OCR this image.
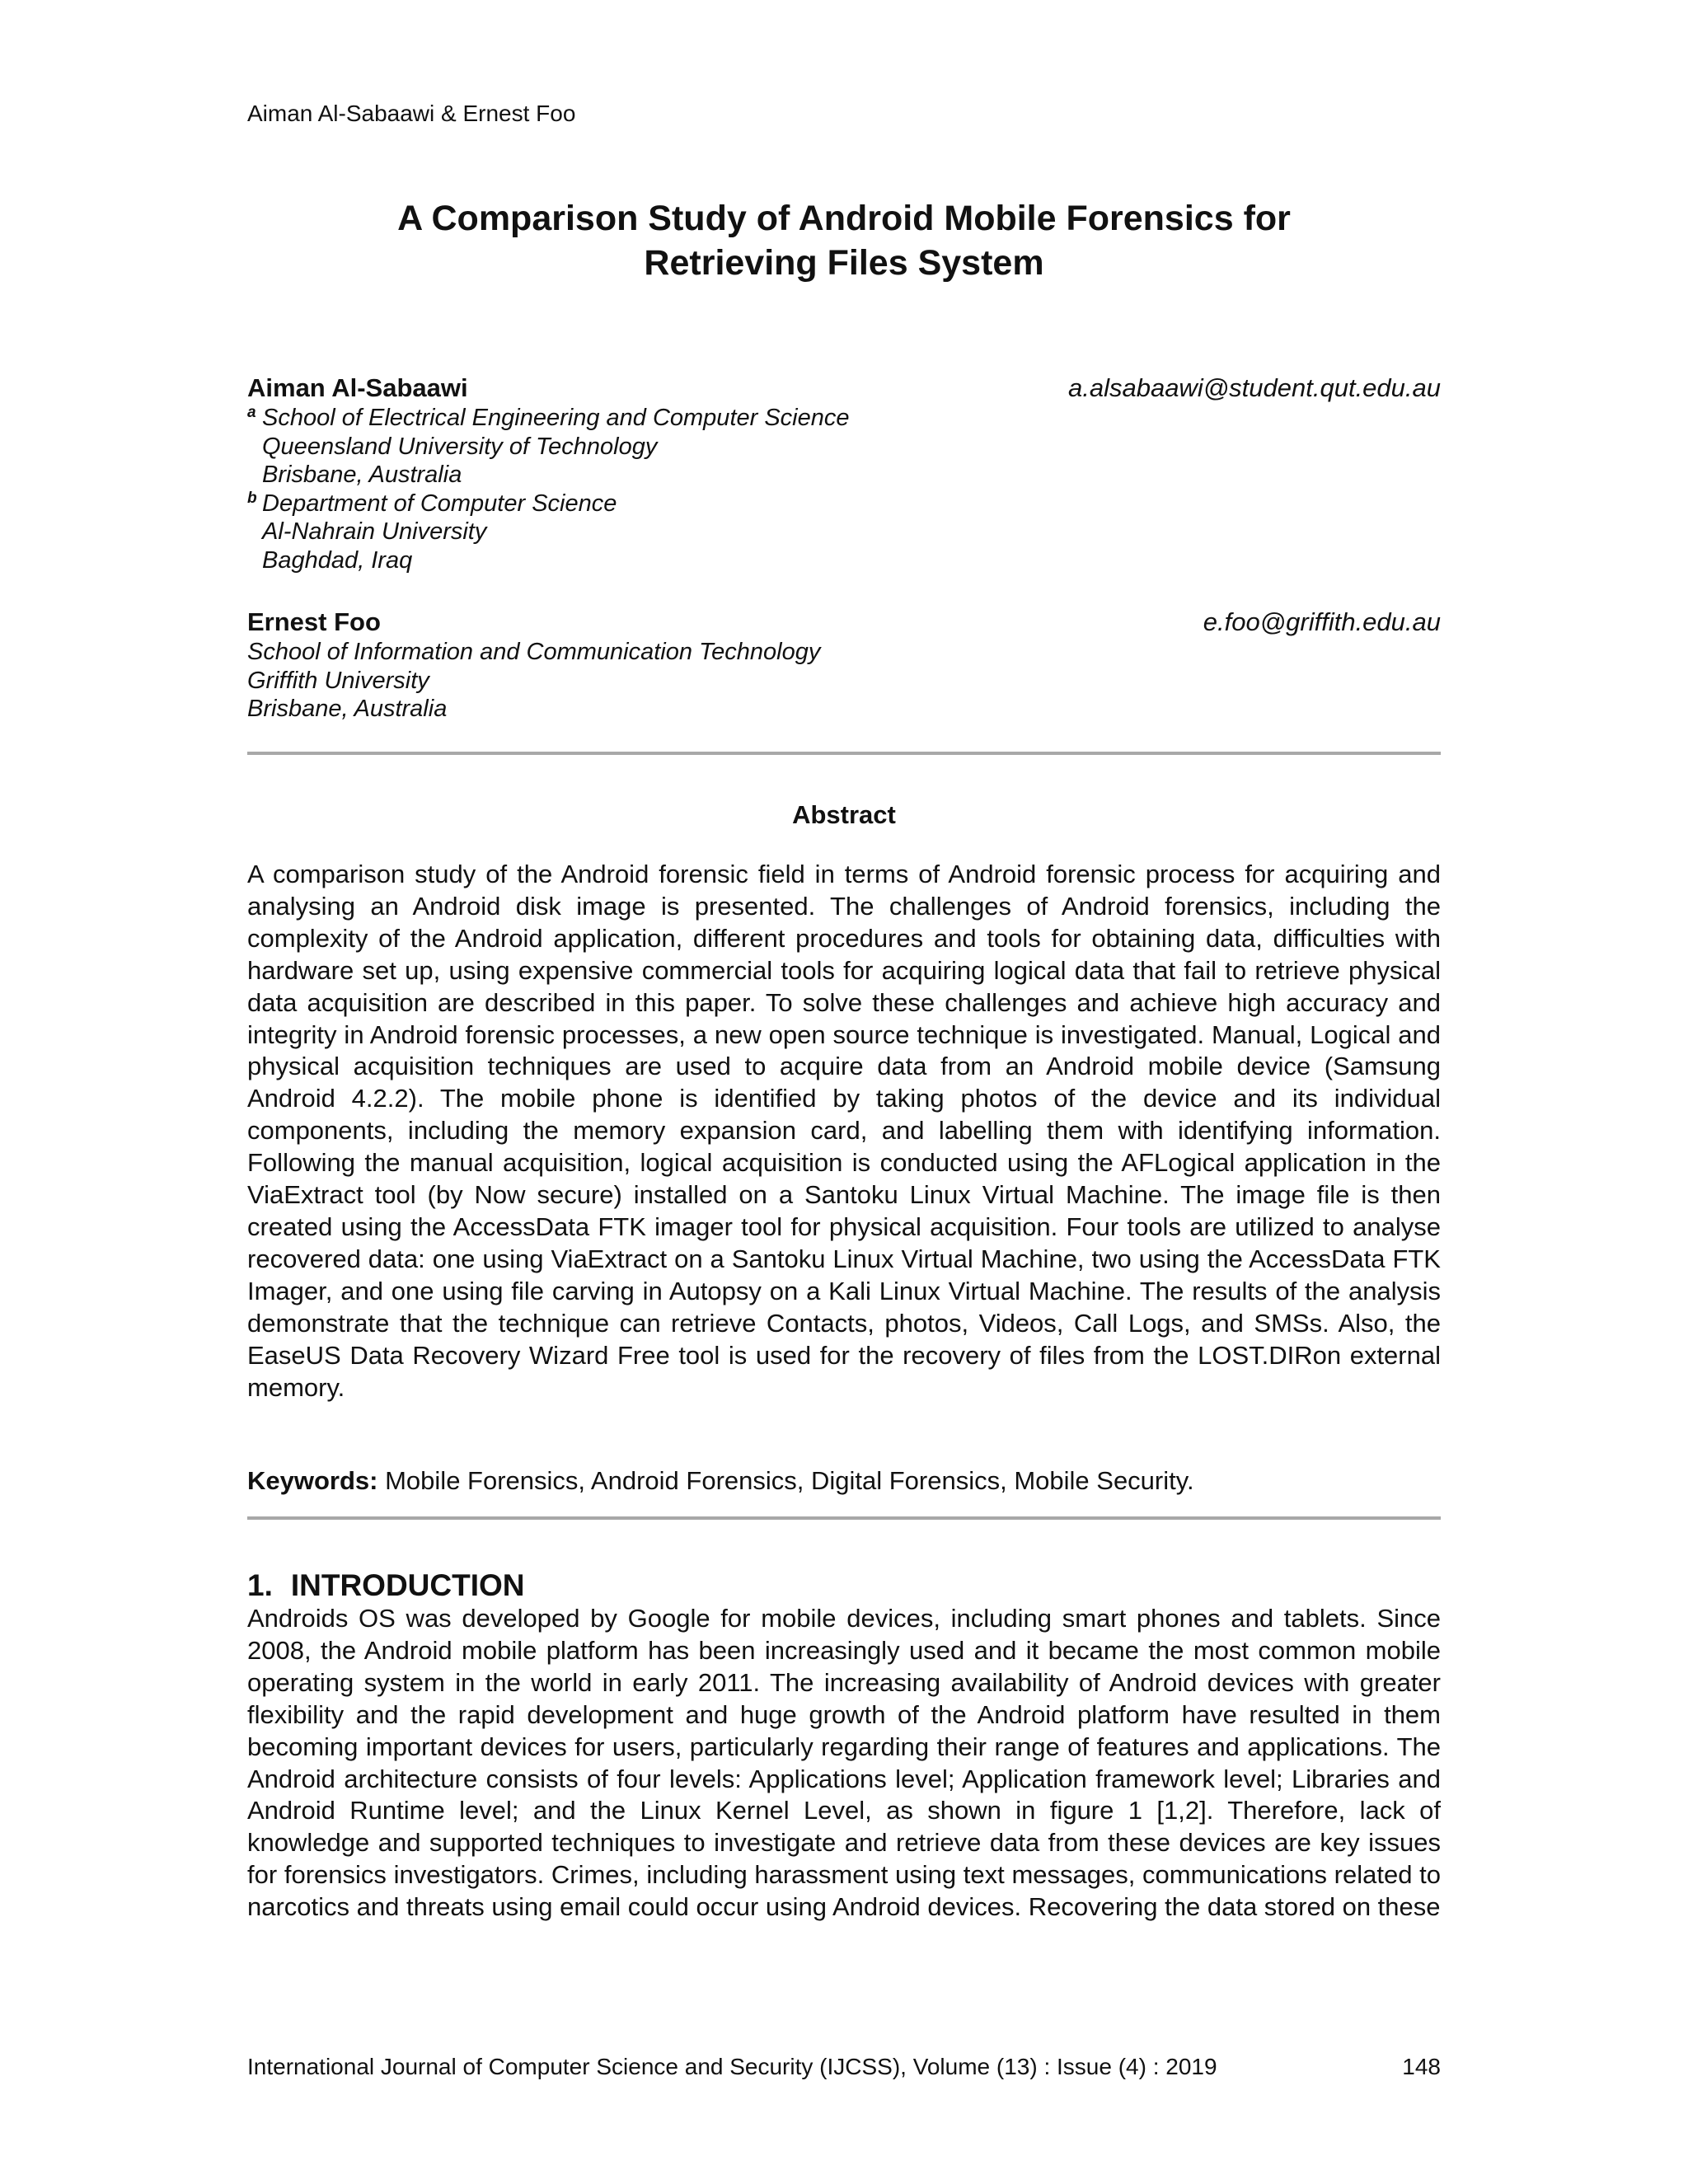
Aiman Al-Sabaawi & Ernest Foo
A Comparison Study of Android Mobile Forensics for
Retrieving Files System
Aiman Al-Sabaawi	a.alsabaawi@student.qut.edu.au
a School of Electrical Engineering and Computer Science
Queensland University of Technology
Brisbane, Australia
b Department of Computer Science
Al-Nahrain University
Baghdad, Iraq
Ernest Foo	e.foo@griffith.edu.au
School of Information and Communication Technology
Griffith University
Brisbane, Australia
Abstract

A comparison study of the Android forensic field in terms of Android forensic process for acquiring and analysing an Android disk image is presented. The challenges of Android forensics, including the complexity of the Android application, different procedures and tools for obtaining data, difficulties with hardware set up, using expensive commercial tools for acquiring logical data that fail to retrieve physical data acquisition are described in this paper. To solve these challenges and achieve high accuracy and integrity in Android forensic processes, a new open source technique is investigated. Manual, Logical and physical acquisition techniques are used to acquire data from an Android mobile device (Samsung Android 4.2.2). The mobile phone is identified by taking photos of the device and its individual components, including the memory expansion card, and labelling them with identifying information. Following the manual acquisition, logical acquisition is conducted using the AFLogical application in the ViaExtract tool (by Now secure) installed on a Santoku Linux Virtual Machine. The image file is then created using the AccessData FTK imager tool for physical acquisition. Four tools are utilized to analyse recovered data: one using ViaExtract on a Santoku Linux Virtual Machine, two using the AccessData FTK Imager, and one using file carving in Autopsy on a Kali Linux Virtual Machine. The results of the analysis demonstrate that the technique can retrieve Contacts, photos, Videos, Call Logs, and SMSs. Also, the EaseUS Data Recovery Wizard Free tool is used for the recovery of files from the LOST.DIRon external memory.

Keywords: Mobile Forensics, Android Forensics, Digital Forensics, Mobile Security.
1. INTRODUCTION

Androids OS was developed by Google for mobile devices, including smart phones and tablets. Since 2008, the Android mobile platform has been increasingly used and it became the most common mobile operating system in the world in early 2011. The increasing availability of Android devices with greater flexibility and the rapid development and huge growth of the Android platform have resulted in them becoming important devices for users, particularly regarding their range of features and applications. The Android architecture consists of four levels: Applications level; Application framework level; Libraries and Android Runtime level; and the Linux Kernel Level, as shown in figure 1 [1,2]. Therefore, lack of knowledge and supported techniques to investigate and retrieve data from these devices are key issues for forensics investigators. Crimes, including harassment using text messages, communications related to narcotics and threats using email could occur using Android devices. Recovering the data stored on these

International Journal of Computer Science and Security (IJCSS), Volume (13) : Issue (4) : 2019	148
